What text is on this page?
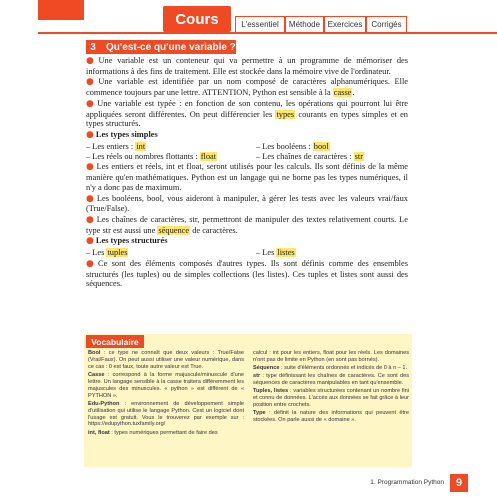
Cours	L'essentiel	Méthode Exercices	Corrigés
3	Qu'est-ce qu'une variable ?

● Une variable est un conteneur qui va permettre à un programme de mémoriser des informations à des fins de traitement. Elle est stockée dans la mémoire vive de l'ordinateur.

● Une variable est identifiée par un nom composé de caractères alphanumériques. Elle commence toujours par une lettre. ATTENTION, Python est sensible à la casse.

● Une variable est typée : en fonction de son contenu, les opérations qui pourront lui être appliquées seront différentes. On peut différencier les types courants en types simples et en types structurés.

● Les types simples

– Les entiers : int	– Les booléens : bool
– Les réels ou nombres flottants : float	– Les chaînes de caractères : str

● Les entiers et réels, int et float, seront utilisés pour les calculs. Ils sont définis de la même manière qu'en mathématiques. Python est un langage qui ne borne pas les types numériques, il n'y a donc pas de maximum.

● Les booléens, bool, vous aideront à manipuler, à gérer les tests avec les valeurs vrai/faux (True/False).

● Les chaînes de caractères, str, permettront de manipuler des textes relativement courts. Le type str est aussi une séquence de caractères.

● Les types structurés

– Les tuples	– Les listes

● Ce sont des éléments composés d'autres types. Ils sont définis comme des ensembles structurés (les tuples) ou de simples collections (les listes). Ces tuples et listes sont aussi des séquences.

Vocabulaire

Bool : ce type ne connaît que deux valeurs : True/False (Vrai/Faux). On peut aussi utiliser une valeur numérique, dans ce cas : 0 est faux, toute autre valeur est True.

Casse : correspond à la forme majuscule/minuscule d'une lettre. Un langage sensible à la casse traitera différemment les majuscules des minuscules. « python » est différent de « PYTHON ».

Edu-Python : environnement de développement simple d'utilisation qui utilise le langage Python. Cest un logiciel dont l'usage est gratuit. Vous le trouverez par exemple sur : https://edupython.tuxfamily.org/

int, float : types numériques permettant de faire des

calcul : int pour les entiers, float pour les réels. Les domaines n'ont pas de limite en Python (en sont pas bornés).

Séquence : suite d'éléments ordonnés et indicés de 0 à n – 1.

str : type définissant les chaînes de caractères. Ce sont des séquences de caractères manipulables en tant qu'ensemble.

Tuples, listes : variables structurées contenant un nombre fini et connu de données. L'accès aux données se fait grâce à leur position entre crochets.

Type : définit la nature des informations qui peuvent être stockées. On parle aussi de « domaine ».

1. Programmation Python	9
